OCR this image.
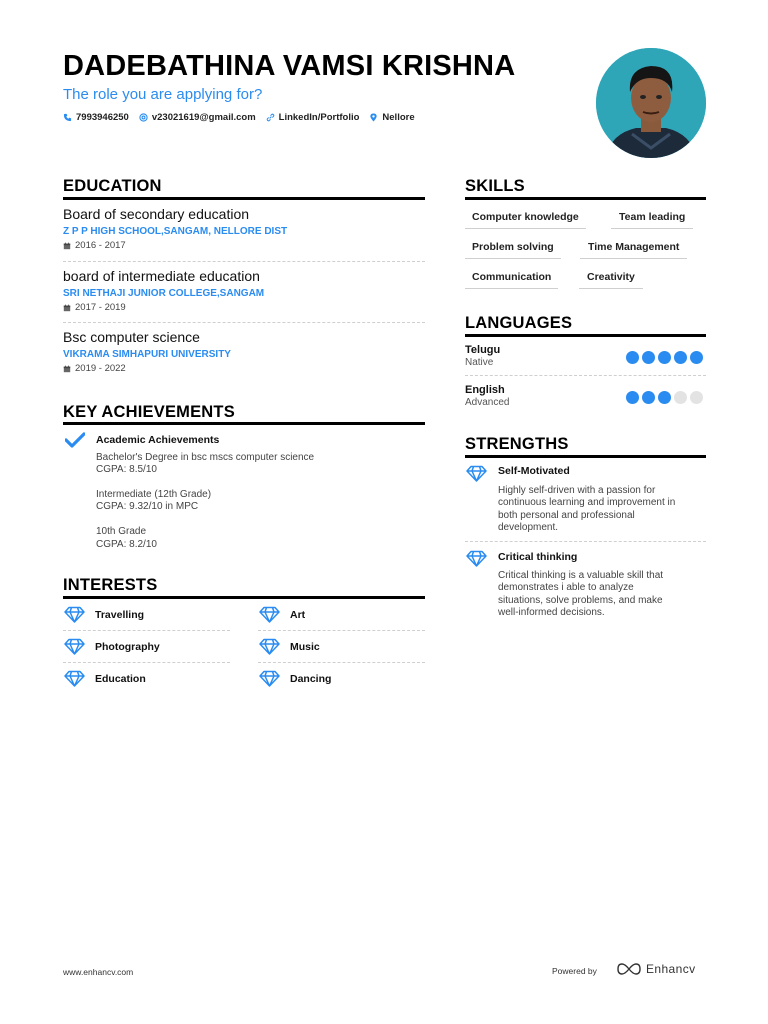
DADEBATHINA VAMSI KRISHNA
The role you are applying for?
7993946250 v23021619@gmail.com LinkedIn/Portfolio Nellore
EDUCATION
Board of secondary education
Z P P HIGH SCHOOL,SANGAM, NELLORE DIST
2016 - 2017
board of intermediate education
SRI NETHAJI JUNIOR COLLEGE,SANGAM
2017 - 2019
Bsc computer science
VIKRAMA SIMHAPURI UNIVERSITY
2019 - 2022
KEY ACHIEVEMENTS
Academic Achievements
Bachelor's Degree in bsc mscs computer science
CGPA: 8.5/10
Intermediate (12th Grade)
CGPA: 9.32/10 in MPC
10th Grade
CGPA: 8.2/10
INTERESTS
Travelling	Art
Photography	Music
Education	Dancing
SKILLS
Computer knowledge	Team leading
Problem solving	Time Management
Communication	Creativity
LANGUAGES
Telugu
Native
English
Advanced
STRENGTHS
Self-Motivated
Highly self-driven with a passion for
continuous learning and improvement in
both personal and professional
development.
Critical thinking
Critical thinking is a valuable skill that
demonstrates i able to analyze
situations, solve problems, and make
well-informed decisions.
www.enhancv.com	Powered by	Enhancv
